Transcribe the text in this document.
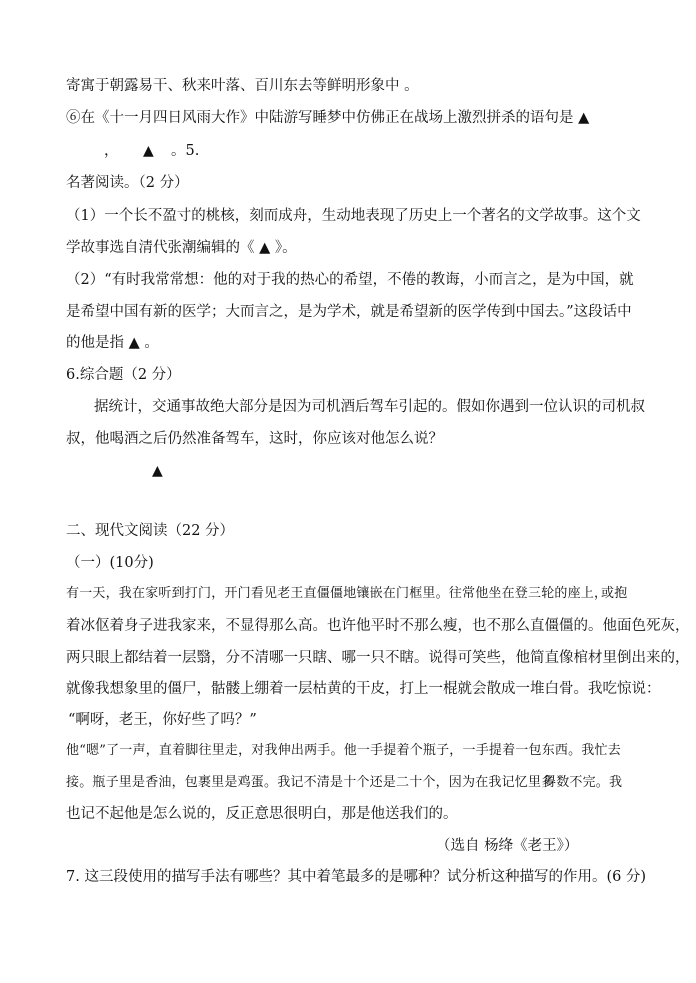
寄寓于朝露易干、秋来叶落、百川东去等鲜明形象中 。
⑥在《十一月四日风雨大作》中陆游写睡梦中仿佛正在战场上激烈拼杀的语句是 ▲
， ▲ 。5.
名著阅读。（2 分）
（1）一个长不盈寸的桃核，刻而成舟，生动地表现了历史上一个著名的文学故事。这个文
学故事选自清代张潮编辑的《 ▲ 》。
（2）“有时我常常想：他的对于我的热心的希望，不倦的教诲，小而言之，是为中国，就
是希望中国有新的医学；大而言之，是为学术，就是希望新的医学传到中国去。”这段话中
的他是指 ▲ 。
6.综合题（2 分）
据统计，交通事故绝大部分是因为司机酒后驾车引起的。假如你遇到一位认识的司机叔
叔，他喝酒之后仍然准备驾车，这时，你应该对他怎么说？
▲
二、现代文阅读（22 分）
（一）(10分)
有一天，我在家听到打门，开门看见老王直僵僵地镶嵌在门框里。往常他坐在登三轮的座上，
或抱
着冰伛着身子进我家来，不显得那么高。也许他平时不那么瘦，也不那么直僵僵的。他面色死灰，
两只眼上都结着一层翳，分不清哪一只瞎、哪一只不瞎。说得可笑些，他简直像棺材里倒出来的，
就像我想象里的僵尸，骷髅上绷着一层枯黄的干皮，打上一棍就会散成一堆白骨。我吃惊说：
“啊呀，老王，你好些了吗？”
他“嗯”了一声，直着脚往里走，对我伸出两手。他一手提着个瓶子，一手提着一包东西。我忙去
接。瓶子里是香油，包裹里是鸡蛋。我记不清是十个还是二十个，因为在我记忆里多
得数不完。我
也记不起他是怎么说的，反正意思很明白，那是他送我们的。
（选自 杨绛《老王》）
7. 这三段使用的描写手法有哪些？其中着笔最多的是哪种？试分析这种描写的作用。(6 分)
